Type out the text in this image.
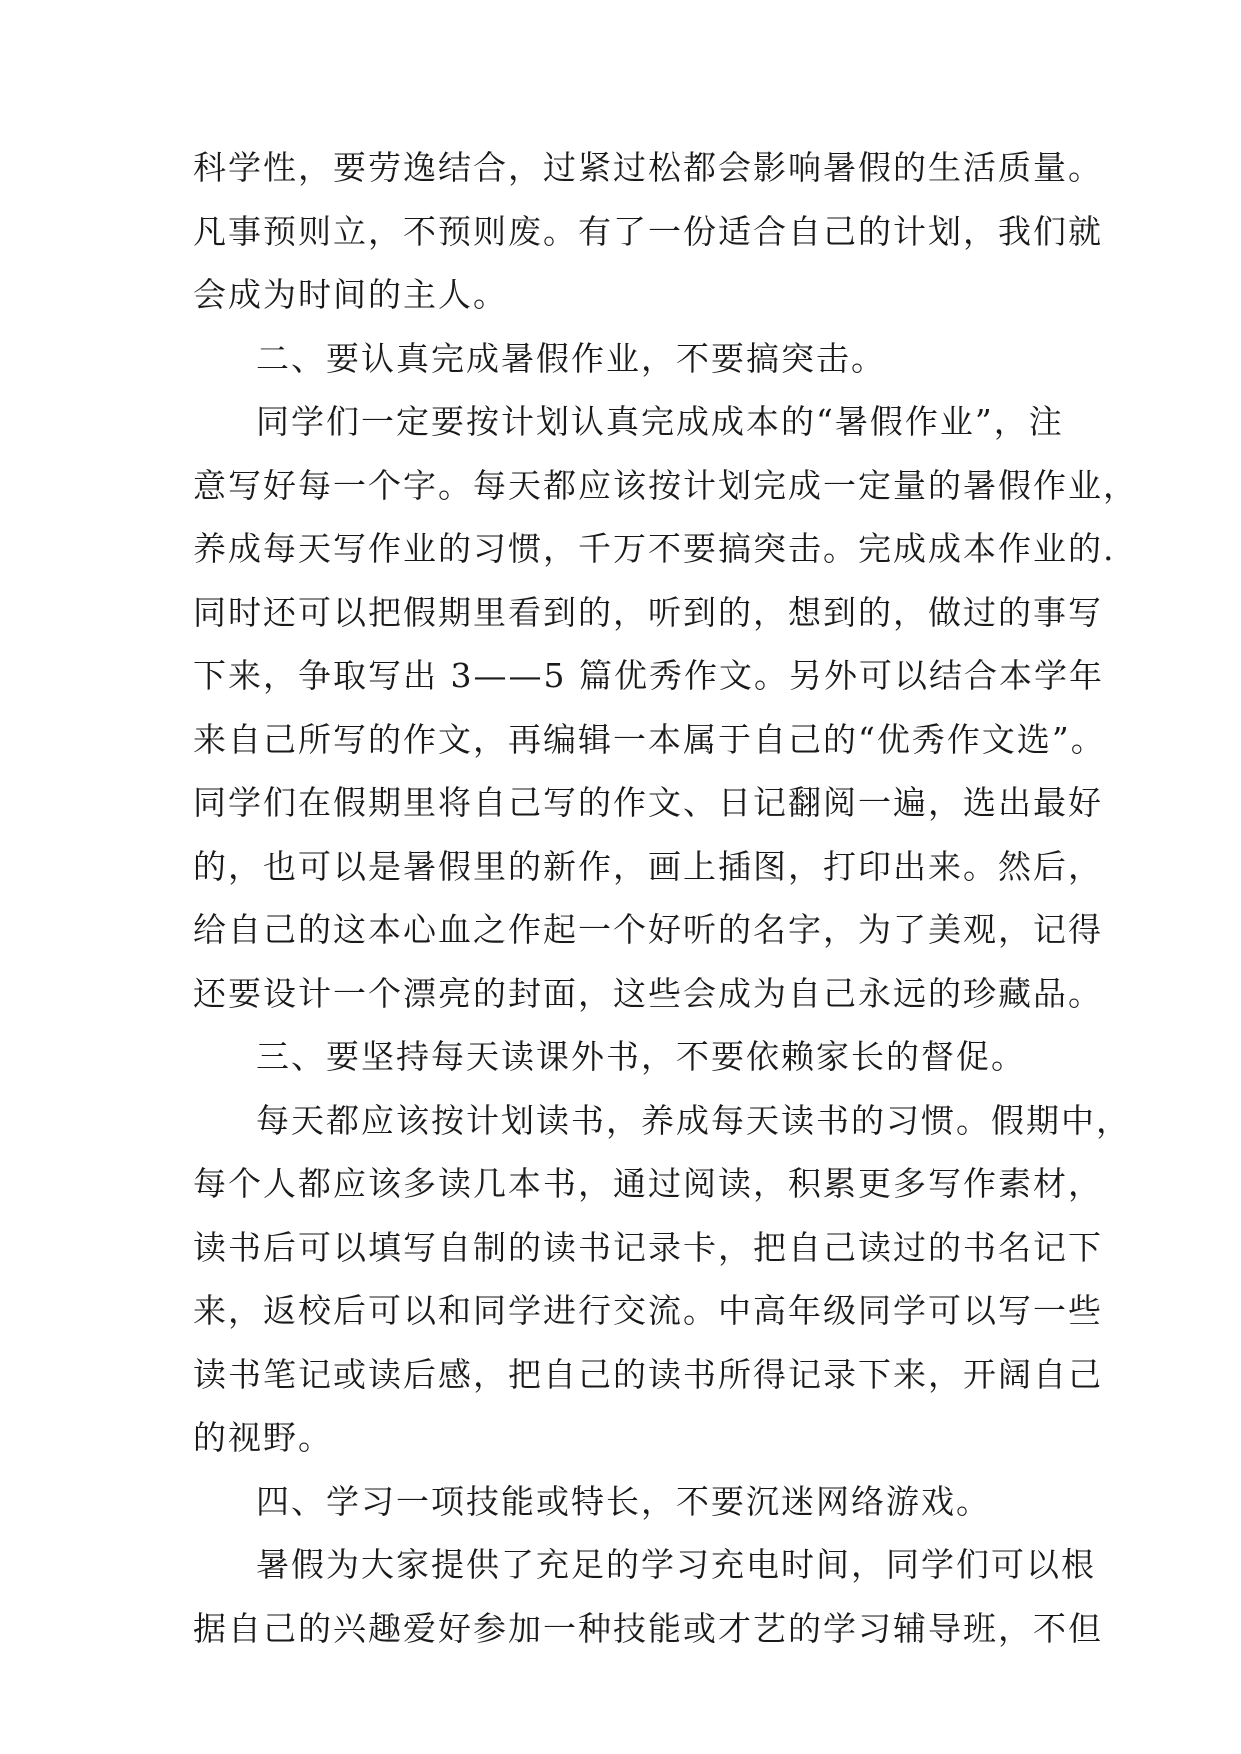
科学性，要劳逸结合，过紧过松都会影响暑假的生活质量。

凡事预则立，不预则废。有了一份适合自己的计划，我们就

会成为时间的主人。

二、要认真完成暑假作业，不要搞突击。

同学们一定要按计划认真完成成本的“暑假作业”，注

意写好每一个字。每天都应该按计划完成一定量的暑假作业，

养成每天写作业的习惯，千万不要搞突击。完成成本作业的.

同时还可以把假期里看到的，听到的，想到的，做过的事写

下来，争取写出 3——5 篇优秀作文。另外可以结合本学年

来自己所写的作文，再编辑一本属于自己的“优秀作文选”。

同学们在假期里将自己写的作文、日记翻阅一遍，选出最好

的，也可以是暑假里的新作，画上插图，打印出来。然后，

给自己的这本心血之作起一个好听的名字，为了美观，记得

还要设计一个漂亮的封面，这些会成为自己永远的珍藏品。

三、要坚持每天读课外书，不要依赖家长的督促。

每天都应该按计划读书，养成每天读书的习惯。假期中，

每个人都应该多读几本书，通过阅读，积累更多写作素材，

读书后可以填写自制的读书记录卡，把自己读过的书名记下

来，返校后可以和同学进行交流。中高年级同学可以写一些

读书笔记或读后感，把自己的读书所得记录下来，开阔自己

的视野。

四、学习一项技能或特长，不要沉迷网络游戏。

暑假为大家提供了充足的学习充电时间，同学们可以根

据自己的兴趣爱好参加一种技能或才艺的学习辅导班，不但
